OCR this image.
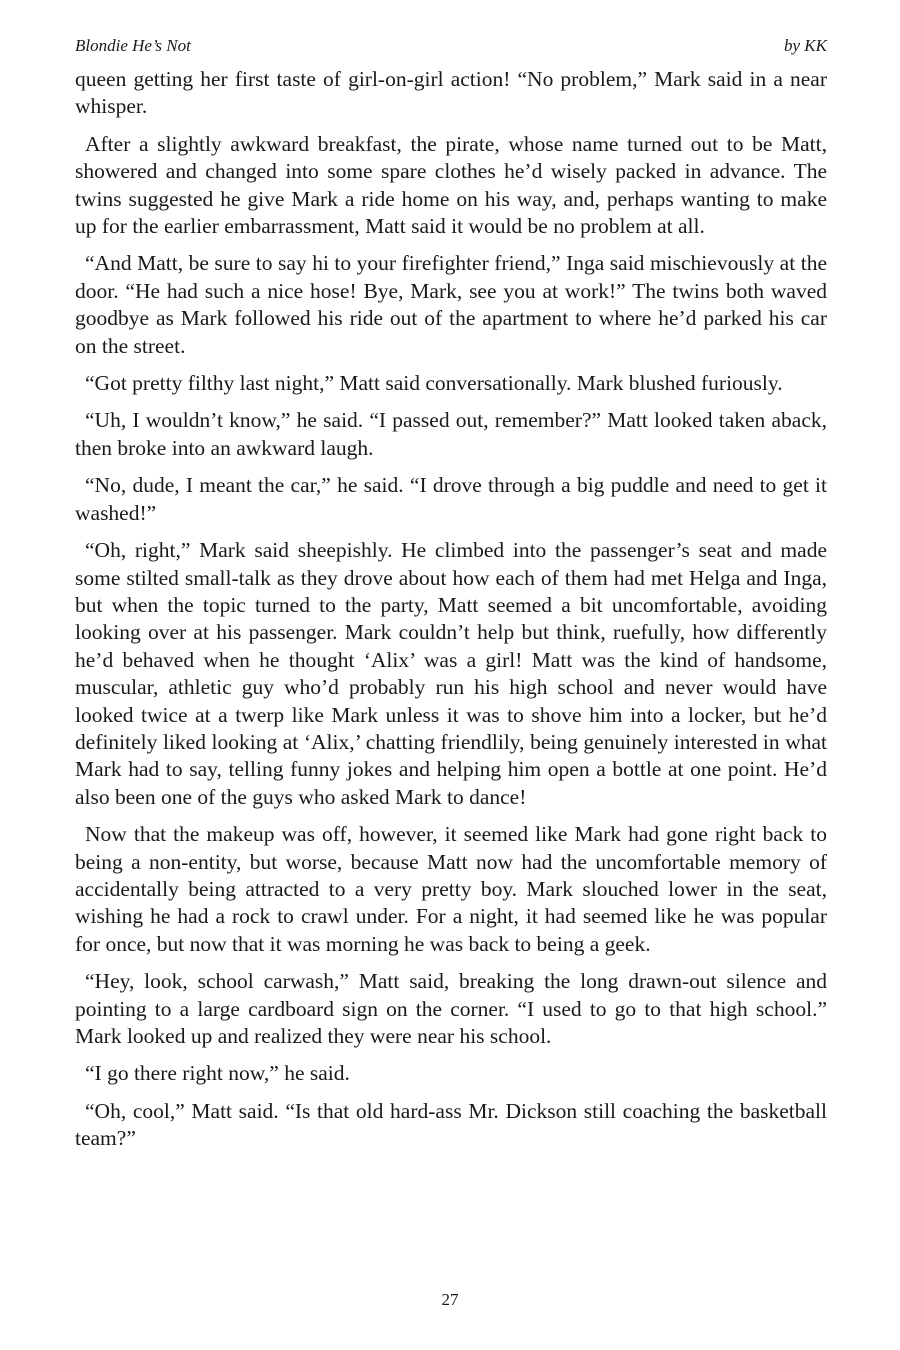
Blondie He’s Not	by KK

queen getting her first taste of girl-on-girl action! “No problem,” Mark said in a near whisper.

After a slightly awkward breakfast, the pirate, whose name turned out to be Matt, showered and changed into some spare clothes he’d wisely packed in advance. The twins suggested he give Mark a ride home on his way, and, perhaps wanting to make up for the earlier embarrassment, Matt said it would be no problem at all.

“And Matt, be sure to say hi to your firefighter friend,” Inga said mischievously at the door. “He had such a nice hose! Bye, Mark, see you at work!” The twins both waved goodbye as Mark followed his ride out of the apartment to where he’d parked his car on the street.

“Got pretty filthy last night,” Matt said conversationally. Mark blushed furiously.

“Uh, I wouldn’t know,” he said. “I passed out, remember?” Matt looked taken aback, then broke into an awkward laugh.

“No, dude, I meant the car,” he said. “I drove through a big puddle and need to get it washed!”

“Oh, right,” Mark said sheepishly. He climbed into the passenger’s seat and made some stilted small-talk as they drove about how each of them had met Helga and Inga, but when the topic turned to the party, Matt seemed a bit uncomfortable, avoiding looking over at his passenger. Mark couldn’t help but think, ruefully, how differently he’d behaved when he thought ‘Alix’ was a girl! Matt was the kind of handsome, muscular, athletic guy who’d probably run his high school and never would have looked twice at a twerp like Mark unless it was to shove him into a locker, but he’d definitely liked looking at ‘Alix,’ chatting friendlily, being genuinely interested in what Mark had to say, telling funny jokes and helping him open a bottle at one point. He’d also been one of the guys who asked Mark to dance!

Now that the makeup was off, however, it seemed like Mark had gone right back to being a non-entity, but worse, because Matt now had the uncomfortable memory of accidentally being attracted to a very pretty boy. Mark slouched lower in the seat, wishing he had a rock to crawl under. For a night, it had seemed like he was popular for once, but now that it was morning he was back to being a geek.

“Hey, look, school carwash,” Matt said, breaking the long drawn-out silence and pointing to a large cardboard sign on the corner. “I used to go to that high school.” Mark looked up and realized they were near his school.

“I go there right now,” he said.

“Oh, cool,” Matt said. “Is that old hard-ass Mr. Dickson still coaching the basketball team?”

27
